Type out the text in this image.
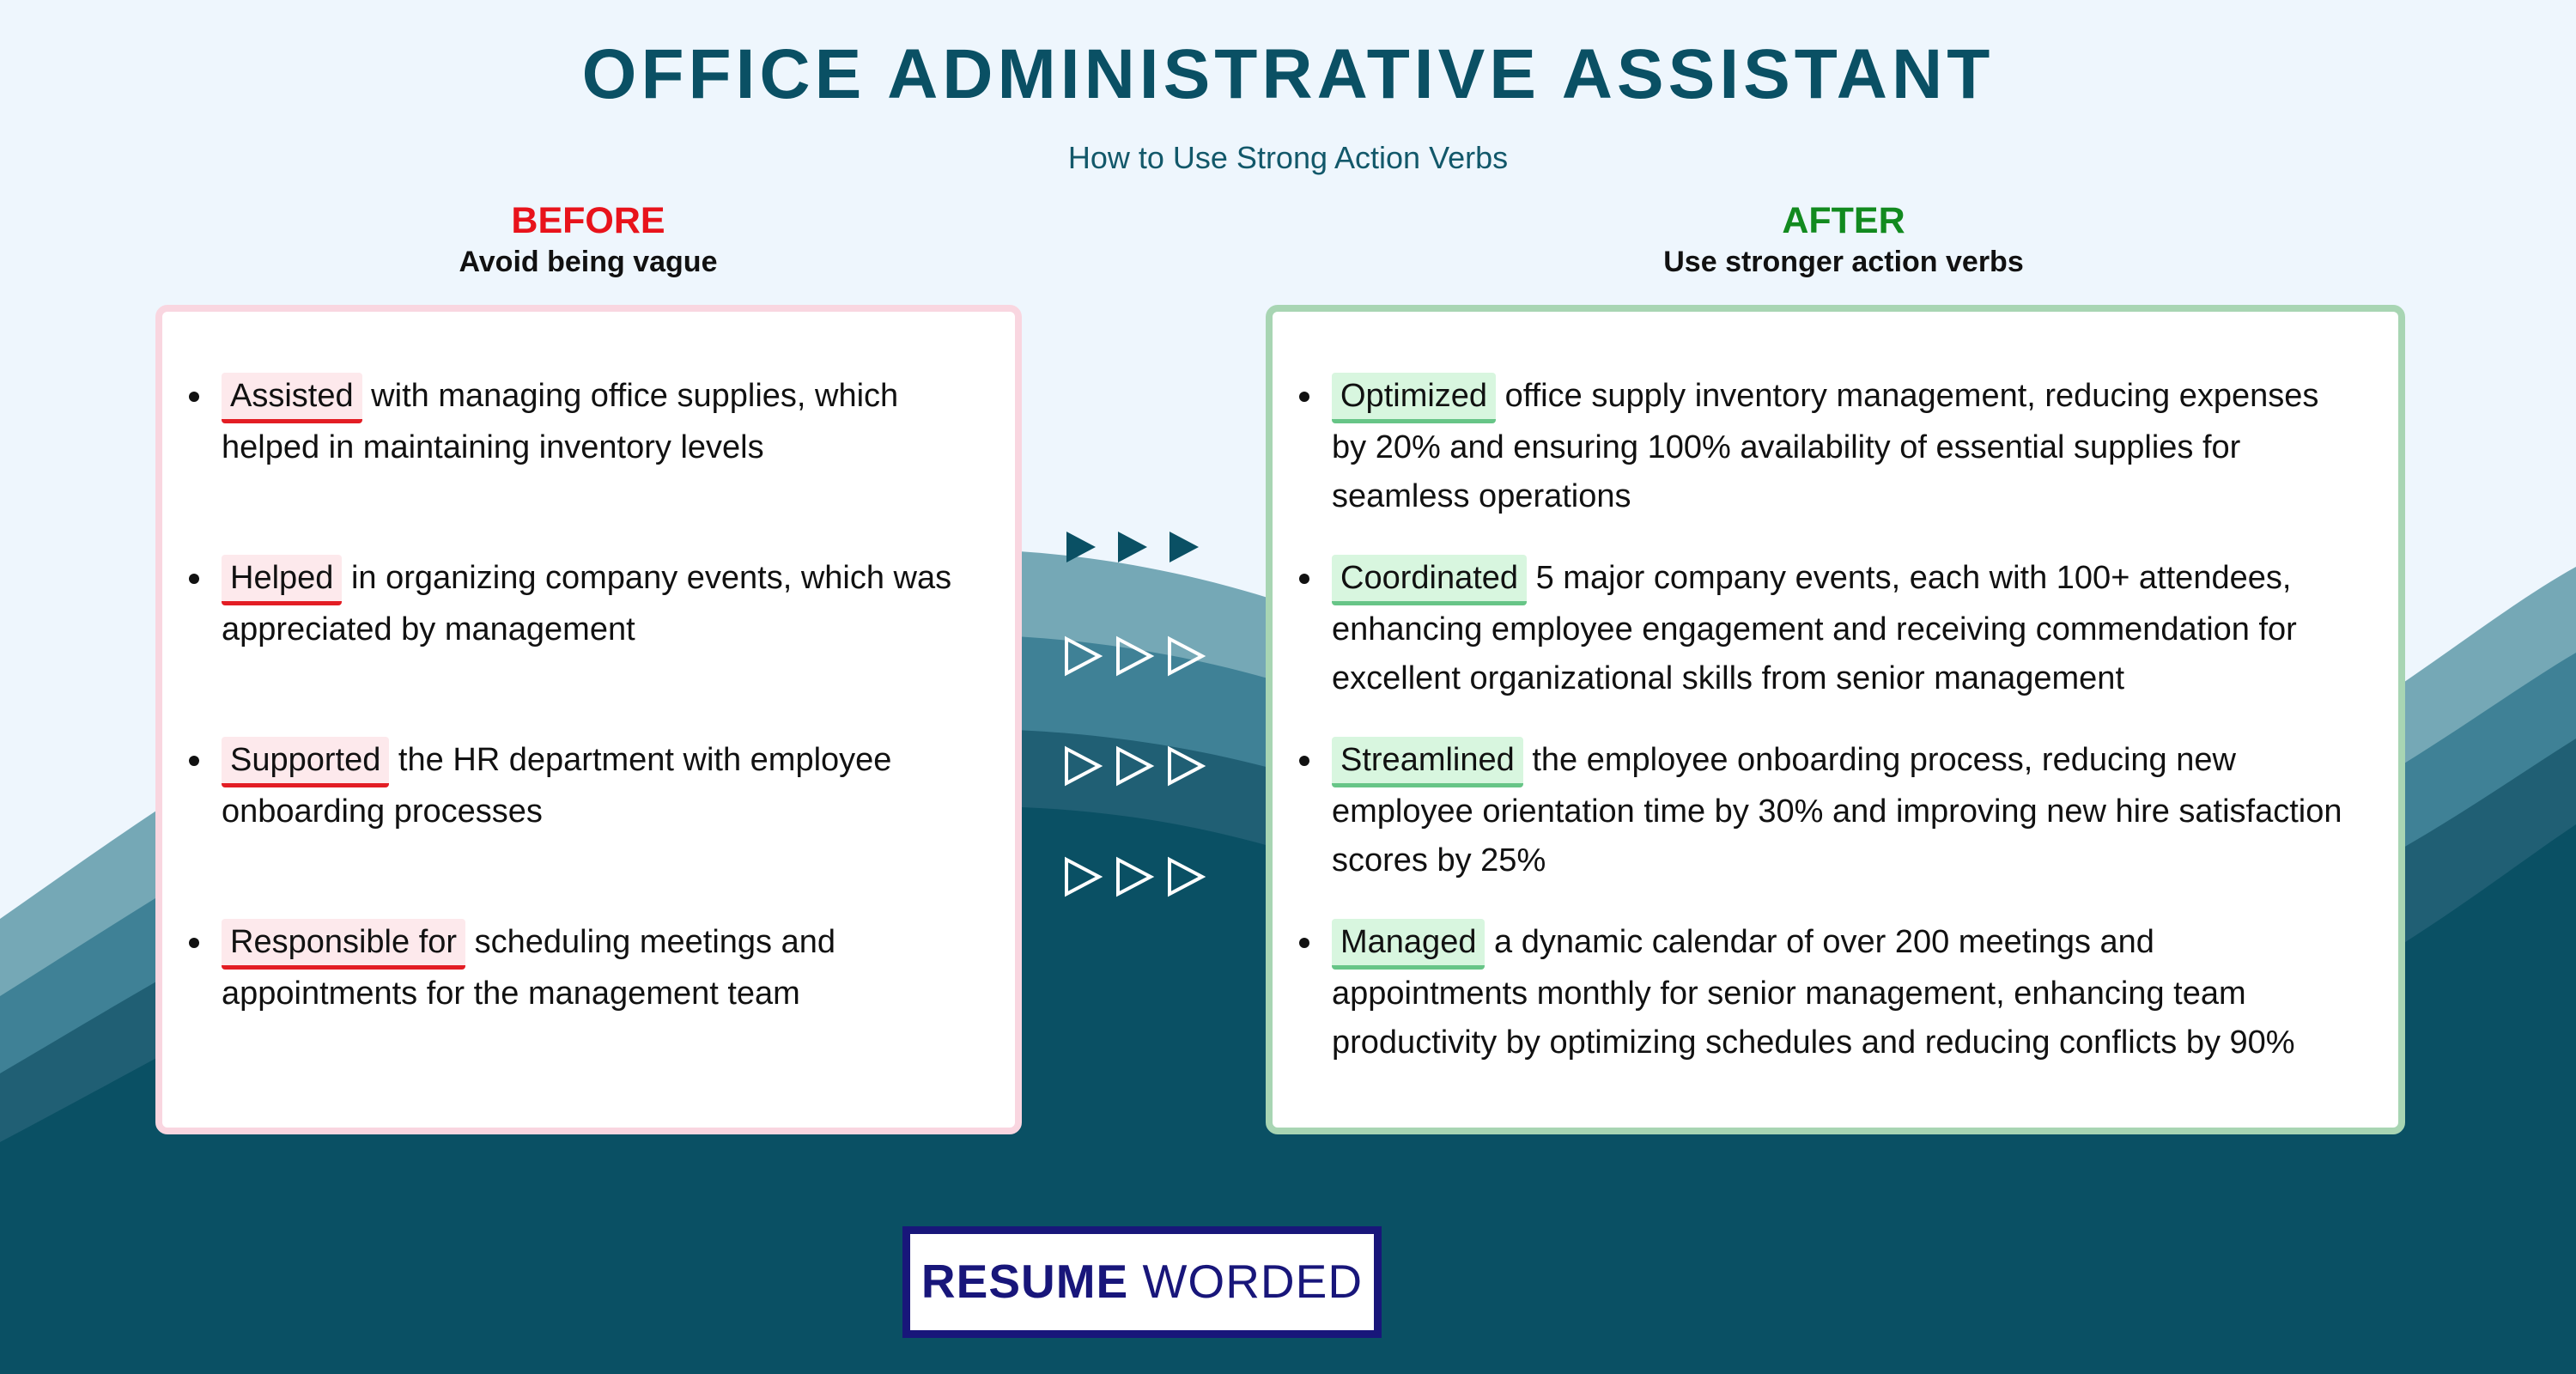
OFFICE ADMINISTRATIVE ASSISTANT
How to Use Strong Action Verbs
BEFORE
Avoid being vague
AFTER
Use stronger action verbs
Assisted with managing office supplies, which
helped in maintaining inventory levels
Helped in organizing company events, which was
appreciated by management
Supported the HR department with employee
onboarding processes
Responsible for scheduling meetings and
appointments for the management team
Optimized office supply inventory management, reducing expenses
by 20% and ensuring 100% availability of essential supplies for seamless operations
Coordinated 5 major company events, each with 100+ attendees,
enhancing employee engagement and receiving commendation for excellent organizational skills from senior management
Streamlined the employee onboarding process, reducing new
employee orientation time by 30% and improving new hire satisfaction scores by 25%
Managed a dynamic calendar of over 200 meetings and
appointments monthly for senior management, enhancing team productivity by optimizing schedules and reducing conflicts by 90%
RESUME WORDED
